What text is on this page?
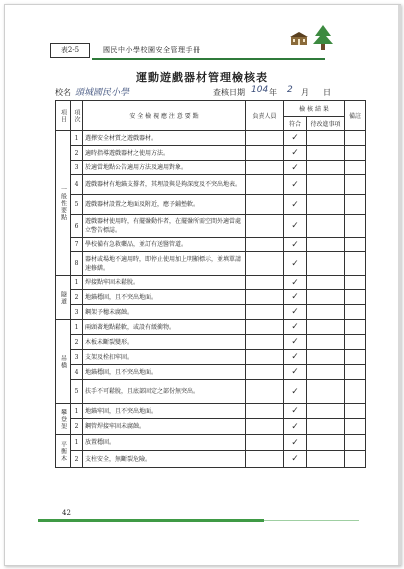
表2-5	國民中小學校園安全管理手冊
運動遊戲器材管理檢核表
校名 頭城國民小學	查核日期 104 年 2 月 日
項目	項次	安 全 檢 視 應 注 意 要 點	負責人員	檢 核 結 果		備註
				符合	待改進事項	
一般性要點	1	選擇安全材質之遊戲器材。		✓		
	2	適時指導遊戲器材之使用方法。		✓		
	3	於適當地點公告適用方法及適用對象。		✓		
	4	遊戲器材有地錨支撐者，其埋設與是夠深度及不突出地表。		✓		
	5	遊戲器材設置之地面及附近，應予鋪墊軟。		✓		
	6	遊戲器材使用時，有擺盪動作者，在擺盪所需空間外適當處立警告標誌。		✓		
	7	學校備有急救藥品，並訂有送醫管道。		✓		
	8	器材或場地不適用時，即停止使用加上明顯標示，並填單請速修繕。		✓		
隧道	1	焊接點牢固未鬆脫。		✓		
	2	地錨穩固，且不突出地面。		✓		
	3	鋼架予穗未腐蝕。		✓		
吊橋	1	兩頭著地點鬆軟，或設有緩衝物。		✓		
	2	木板未斷裂變形。		✓		
	3	支架及栓扣牢固。		✓		
	4	地錨穩固，且不突出地面。		✓		
	5	扶手不可鬆脫，且底部固定之部份無突出。		✓		
攀登架	1	地錨牢固，且不突出地面。		✓		
	2	鋼管焊接牢固未腐蝕。		✓		
平衡木	1	放置穩固。		✓		
	2	支柱安全，無斷裂危險。		✓		
42
